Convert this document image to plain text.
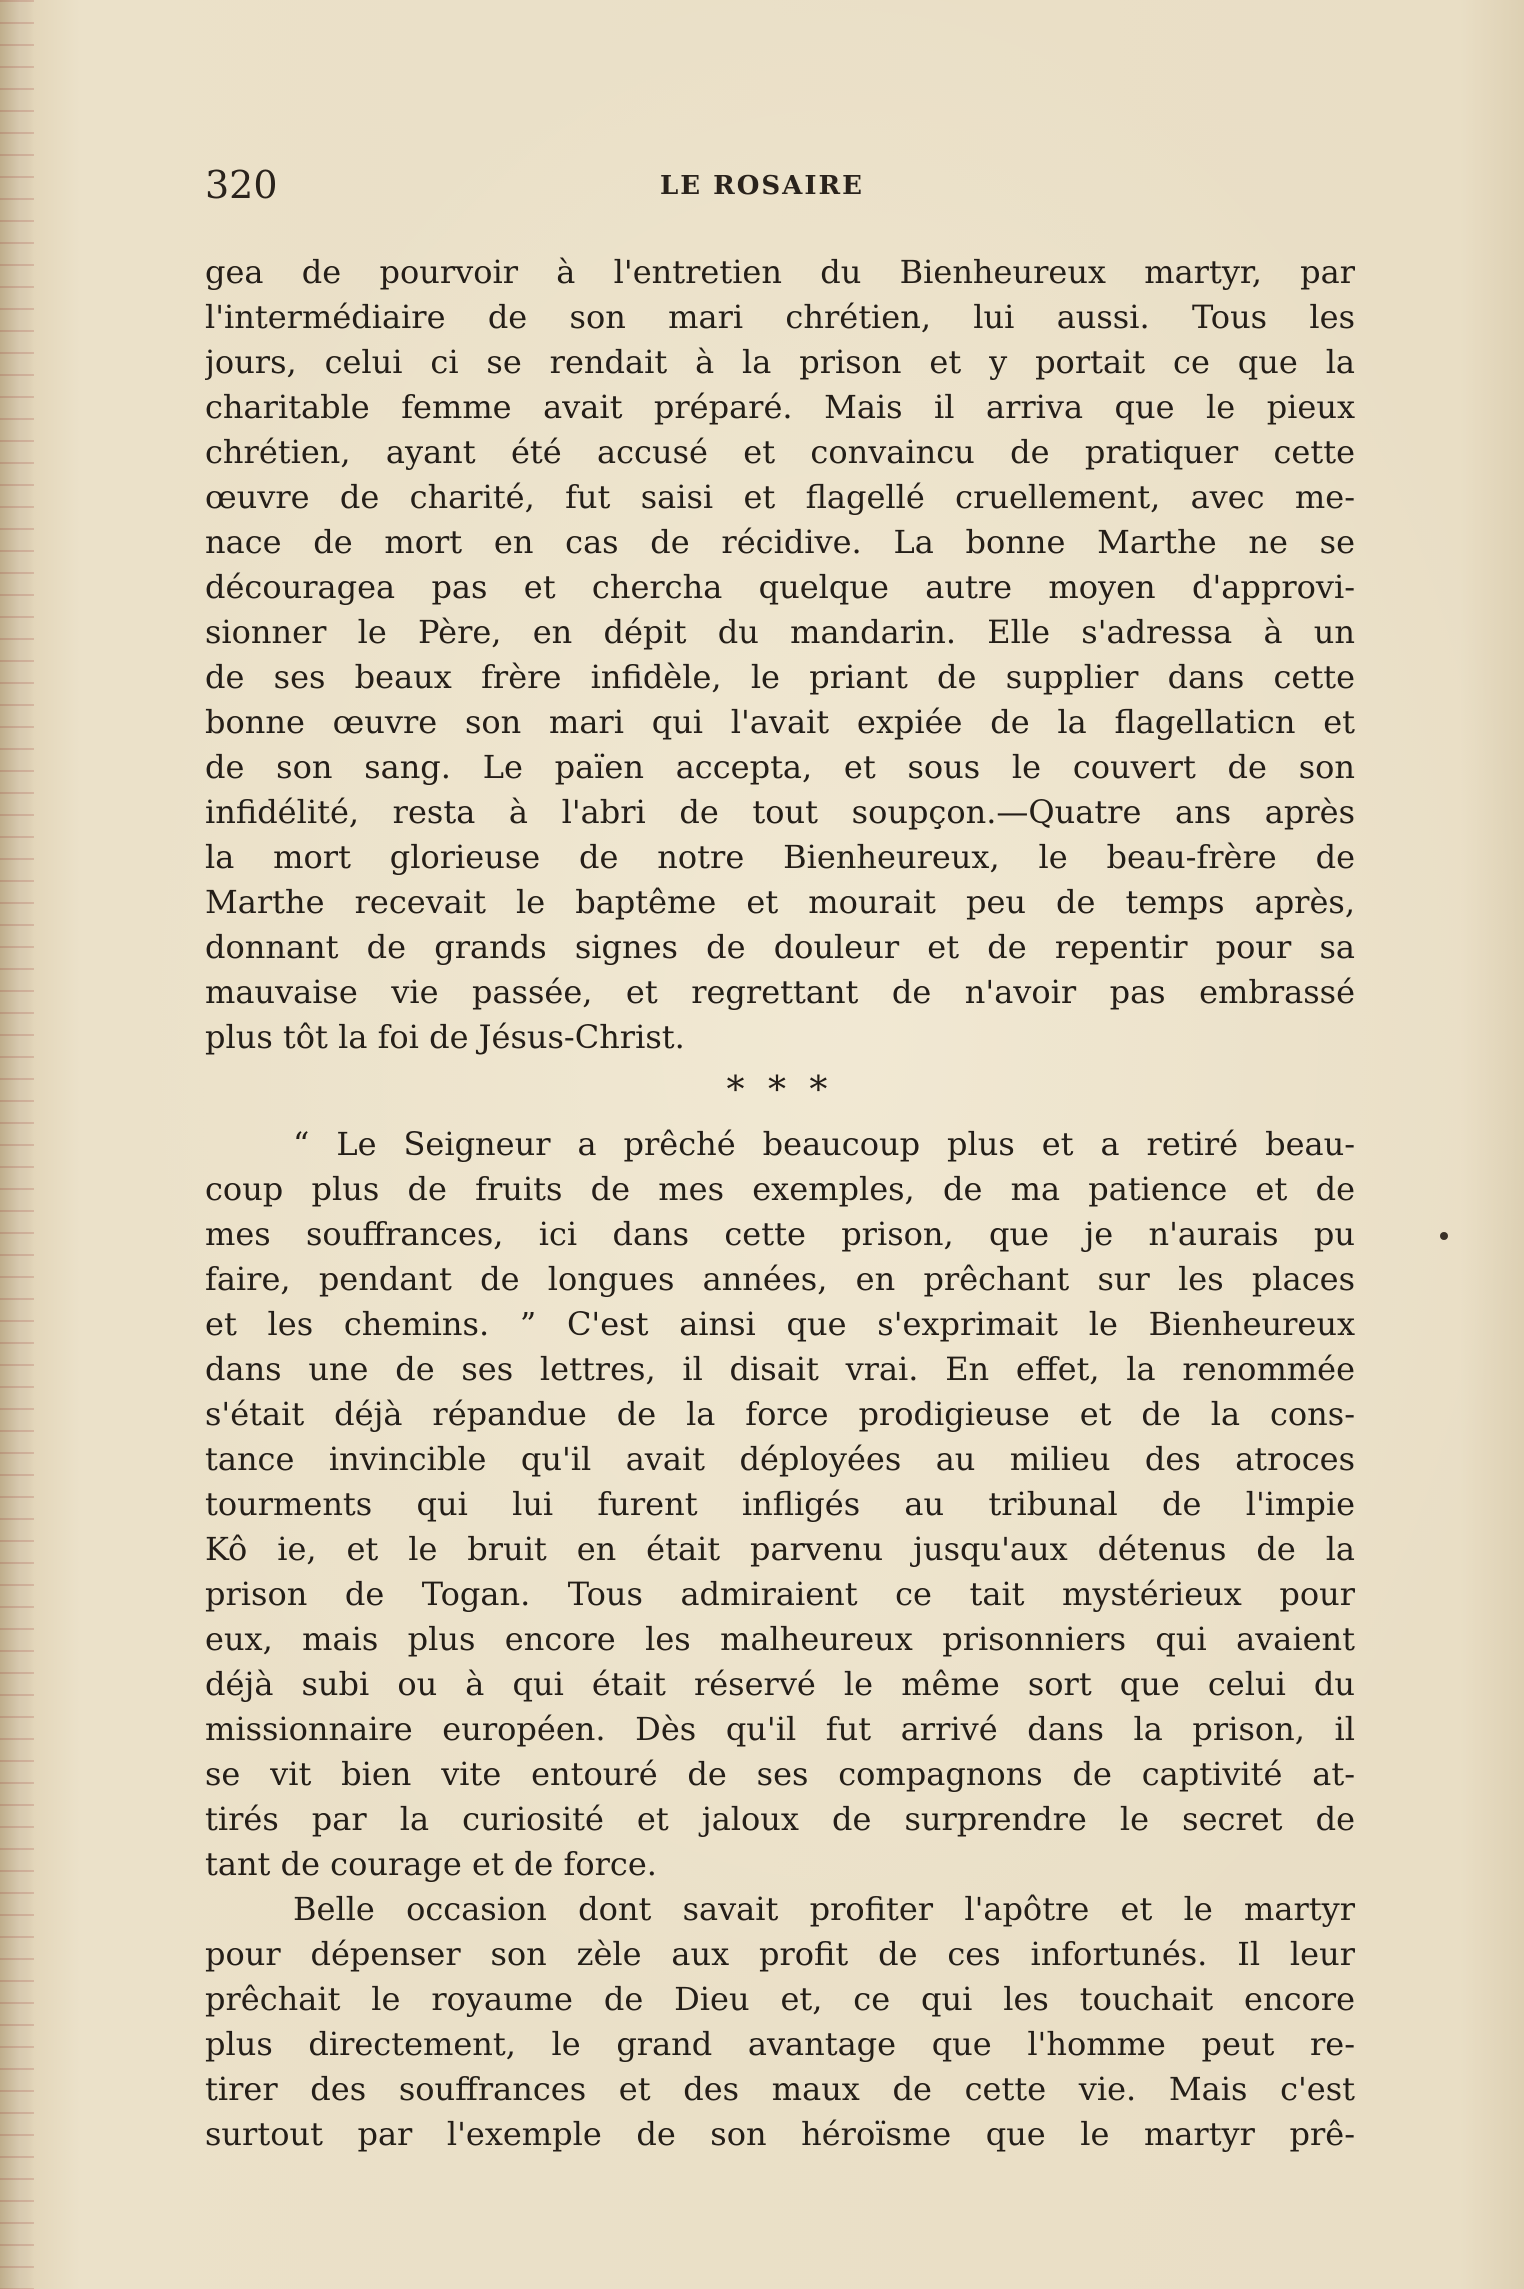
320	LE ROSAIRE
gea de pourvoir à l'entretien du Bienheureux martyr, par
l'intermédiaire de son mari chrétien, lui aussi. Tous les
jours, celui ci se rendait à la prison et y portait ce que la
charitable femme avait préparé. Mais il arriva que le pieux
chrétien, ayant été accusé et convaincu de pratiquer cette
œuvre de charité, fut saisi et flagellé cruellement, avec me-
nace de mort en cas de récidive. La bonne Marthe ne se
découragea pas et chercha quelque autre moyen d'approvi-
sionner le Père, en dépit du mandarin. Elle s'adressa à un
de ses beaux frère infidèle, le priant de supplier dans cette
bonne œuvre son mari qui l'avait expiée de la flagellaticn et
de son sang. Le païen accepta, et sous le couvert de son
infidélité, resta à l'abri de tout soupçon.—Quatre ans après
la mort glorieuse de notre Bienheureux, le beau-frère de
Marthe recevait le baptême et mourait peu de temps après,
donnant de grands signes de douleur et de repentir pour sa
mauvaise vie passée, et regrettant de n'avoir pas embrassé
plus tôt la foi de Jésus-Christ.
* * *
“ Le Seigneur a prêché beaucoup plus et a retiré beau-
coup plus de fruits de mes exemples, de ma patience et de
mes souffrances, ici dans cette prison, que je n'aurais pu
faire, pendant de longues années, en prêchant sur les places
et les chemins. ” C'est ainsi que s'exprimait le Bienheureux
dans une de ses lettres, il disait vrai. En effet, la renommée
s'était déjà répandue de la force prodigieuse et de la cons-
tance invincible qu'il avait déployées au milieu des atroces
tourments qui lui furent infligés au tribunal de l'impie
Kô ie, et le bruit en était parvenu jusqu'aux détenus de la
prison de Togan. Tous admiraient ce tait mystérieux pour
eux, mais plus encore les malheureux prisonniers qui avaient
déjà subi ou à qui était réservé le même sort que celui du
missionnaire européen. Dès qu'il fut arrivé dans la prison, il
se vit bien vite entouré de ses compagnons de captivité at-
tirés par la curiosité et jaloux de surprendre le secret de
tant de courage et de force.
Belle occasion dont savait profiter l'apôtre et le martyr
pour dépenser son zèle aux profit de ces infortunés. Il leur
prêchait le royaume de Dieu et, ce qui les touchait encore
plus directement, le grand avantage que l'homme peut re-
tirer des souffrances et des maux de cette vie. Mais c'est
surtout par l'exemple de son héroïsme que le martyr prê-
